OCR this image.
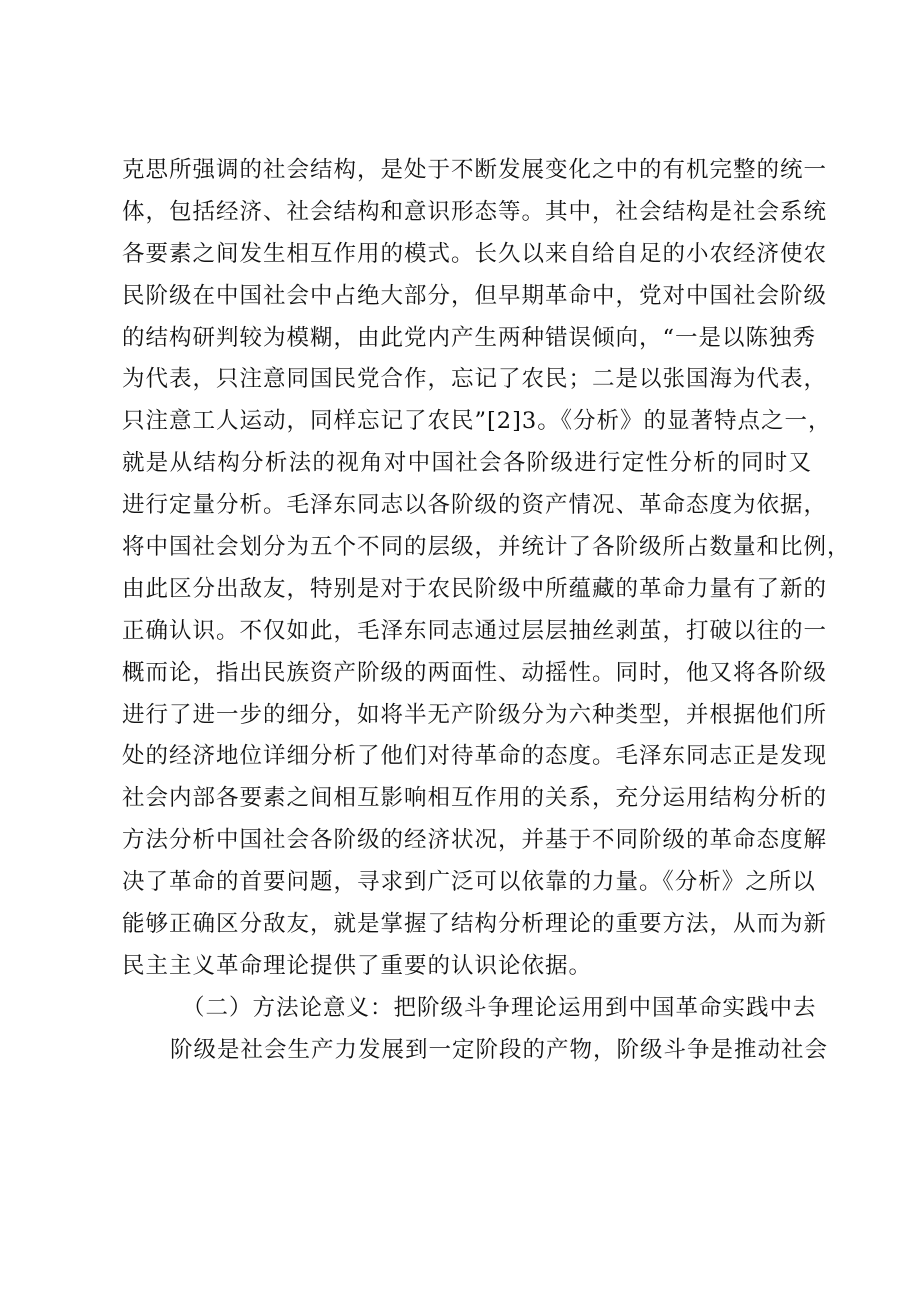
克思所强调的社会结构，是处于不断发展变化之中的有机完整的统一
体，包括经济、社会结构和意识形态等。其中，社会结构是社会系统
各要素之间发生相互作用的模式。长久以来自给自足的小农经济使农
民阶级在中国社会中占绝大部分，但早期革命中，党对中国社会阶级
的结构研判较为模糊，由此党内产生两种错误倾向，“一是以陈独秀
为代表，只注意同国民党合作，忘记了农民；二是以张国海为代表，
只注意工人运动，同样忘记了农民”[2]3。《分析》的显著特点之一，
就是从结构分析法的视角对中国社会各阶级进行定性分析的同时又
进行定量分析。毛泽东同志以各阶级的资产情况、革命态度为依据，
将中国社会划分为五个不同的层级，并统计了各阶级所占数量和比例，
由此区分出敌友，特别是对于农民阶级中所蕴藏的革命力量有了新的
正确认识。不仅如此，毛泽东同志通过层层抽丝剥茧，打破以往的一
概而论，指出民族资产阶级的两面性、动摇性。同时，他又将各阶级
进行了进一步的细分，如将半无产阶级分为六种类型，并根据他们所
处的经济地位详细分析了他们对待革命的态度。毛泽东同志正是发现
社会内部各要素之间相互影响相互作用的关系，充分运用结构分析的
方法分析中国社会各阶级的经济状况，并基于不同阶级的革命态度解
决了革命的首要问题，寻求到广泛可以依靠的力量。《分析》之所以
能够正确区分敌友，就是掌握了结构分析理论的重要方法，从而为新
民主主义革命理论提供了重要的认识论依据。
（二）方法论意义：把阶级斗争理论运用到中国革命实践中去
阶级是社会生产力发展到一定阶段的产物，阶级斗争是推动社会
